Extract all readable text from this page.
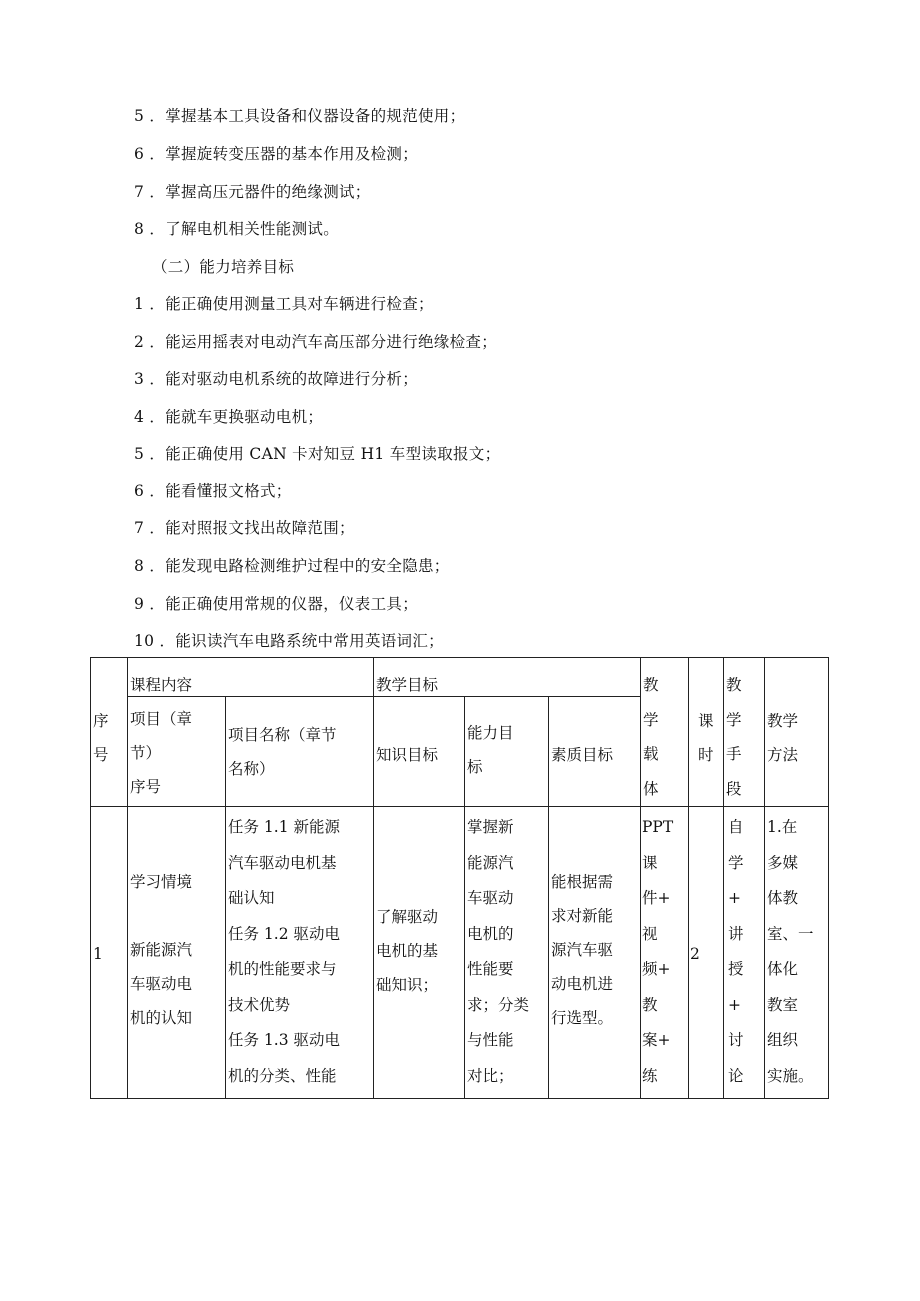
5 ．掌握基本工具设备和仪器设备的规范使用；
6 ．掌握旋转变压器的基本作用及检测；
7 ．掌握高压元器件的绝缘测试；
8 ．了解电机相关性能测试。
（二）能力培养目标
1 ．能正确使用测量工具对车辆进行检查；
2 ．能运用摇表对电动汽车高压部分进行绝缘检查；
3 ．能对驱动电机系统的故障进行分析；
4 ．能就车更换驱动电机；
5 ．能正确使用 CAN 卡对知豆 H1 车型读取报文；
6 ．能看懂报文格式；
7 ．能对照报文找出故障范围；
8 ．能发现电路检测维护过程中的安全隐患；
9 ．能正确使用常规的仪器，仪表工具；
10 ．能识读汽车电路系统中常用英语词汇；
序
号
课程内容	教学目标	教
学
载
体
课
时
教
学
手
段
教学
方法
项目（章
节）
序号
项目名称（章节
名称）
知识目标
能力目
标
素质目标
1
学习情境

新能源汽
车驱动电
机的认知
任务 1.1 新能源
汽车驱动电机基
础认知
任务 1.2 驱动电
机的性能要求与
技术优势
任务 1.3 驱动电
机的分类、性能
了解驱动
电机的基
础知识；
掌握新
能源汽
车驱动
电机的
性能要
求；分类
与性能
对比；
能根据需
求对新能
源汽车驱
动电机进
行选型。
PPT
课
件+
视
频+
教
案+
练
2
自
学
+
讲
授
+
讨
论
1.在
多媒
体教
室、一
体化
教室
组织
实施。
